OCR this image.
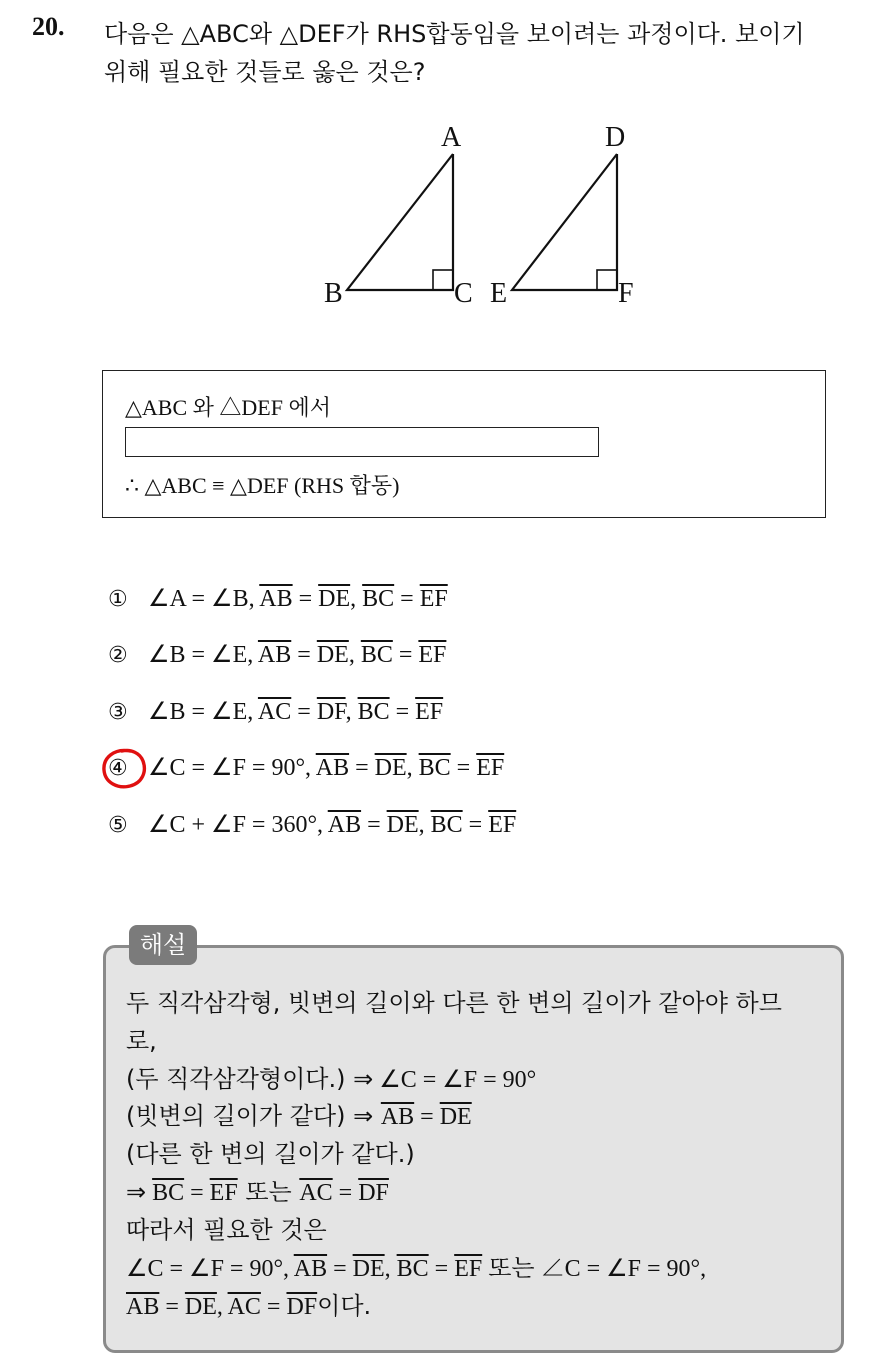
20. 다음은 △ABC와 △DEF가 RHS합동임을 보이려는 과정이다. 보이기
위해 필요한 것들로 옳은 것은?
A
B	C
D
E	F
△ABC 와 △DEF 에서
∴ △ABC ≡ △DEF (RHS 합동)
① ∠A = ∠B, $\overline{AB} = \overline{DE}$, $\overline{BC} = \overline{EF}$
② ∠B = ∠E, $\overline{AB} = \overline{DE}$, $\overline{BC} = \overline{EF}$
③ ∠B = ∠E, $\overline{AC} = \overline{DF}$, $\overline{BC} = \overline{EF}$
④ ∠C = ∠F = 90°, $\overline{AB} = \overline{DE}$, $\overline{BC} = \overline{EF}$
⑤ ∠C + ∠F = 360°, $\overline{AB} = \overline{DE}$, $\overline{BC} = \overline{EF}$
해설
두 직각삼각형, 빗변의 길이와 다른 한 변의 길이가 같아야 하므
로,
(두 직각삼각형이다.) ⇒ ∠C = ∠F = 90°
(빗변의 길이가 같다) ⇒ $\overline{AB} = \overline{DE}$
(다른 한 변의 길이가 같다.)
⇒ $\overline{BC} = \overline{EF}$ 또는 $\overline{AC} = \overline{DF}$
따라서 필요한 것은
∠C = ∠F = 90°, $\overline{AB} = \overline{DE}$, $\overline{BC} = \overline{EF}$ 또는 ∠C = ∠F = 90°,
$\overline{AB} = \overline{DE}$, $\overline{AC} = \overline{DF}$이다.
